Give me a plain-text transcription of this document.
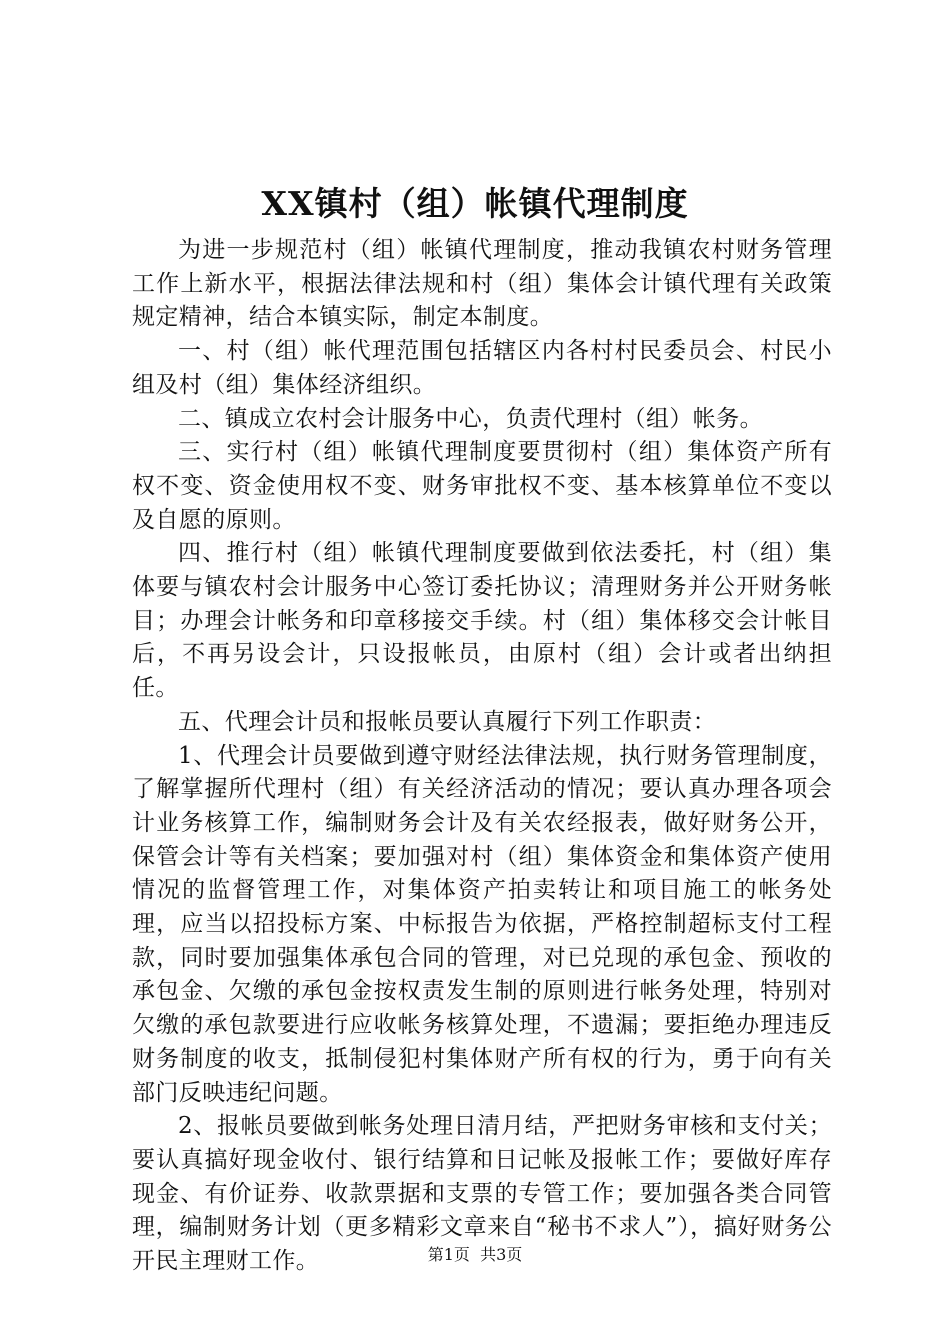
XX镇村（组）帐镇代理制度

为进一步规范村（组）帐镇代理制度，推动我镇农村财务管理工作上新水平，根据法律法规和村（组）集体会计镇代理有关政策规定精神，结合本镇实际，制定本制度。

一、村（组）帐代理范围包括辖区内各村村民委员会、村民小组及村（组）集体经济组织。

二、镇成立农村会计服务中心，负责代理村（组）帐务。

三、实行村（组）帐镇代理制度要贯彻村（组）集体资产所有权不变、资金使用权不变、财务审批权不变、基本核算单位不变以及自愿的原则。

四、推行村（组）帐镇代理制度要做到依法委托，村（组）集体要与镇农村会计服务中心签订委托协议；清理财务并公开财务帐目；办理会计帐务和印章移接交手续。村（组）集体移交会计帐目后，不再另设会计，只设报帐员，由原村（组）会计或者出纳担任。

五、代理会计员和报帐员要认真履行下列工作职责：

1、代理会计员要做到遵守财经法律法规，执行财务管理制度，了解掌握所代理村（组）有关经济活动的情况；要认真办理各项会计业务核算工作，编制财务会计及有关农经报表，做好财务公开，保管会计等有关档案；要加强对村（组）集体资金和集体资产使用情况的监督管理工作，对集体资产拍卖转让和项目施工的帐务处理，应当以招投标方案、中标报告为依据，严格控制超标支付工程款，同时要加强集体承包合同的管理，对已兑现的承包金、预收的承包金、欠缴的承包金按权责发生制的原则进行帐务处理，特别对欠缴的承包款要进行应收帐务核算处理，不遗漏；要拒绝办理违反财务制度的收支，抵制侵犯村集体财产所有权的行为，勇于向有关部门反映违纪问题。

2、报帐员要做到帐务处理日清月结，严把财务审核和支付关；要认真搞好现金收付、银行结算和日记帐及报帐工作；要做好库存现金、有价证券、收款票据和支票的专管工作；要加强各类合同管理，编制财务计划（更多精彩文章来自“秘书不求人”），搞好财务公开民主理财工作。	第1页  共3页
